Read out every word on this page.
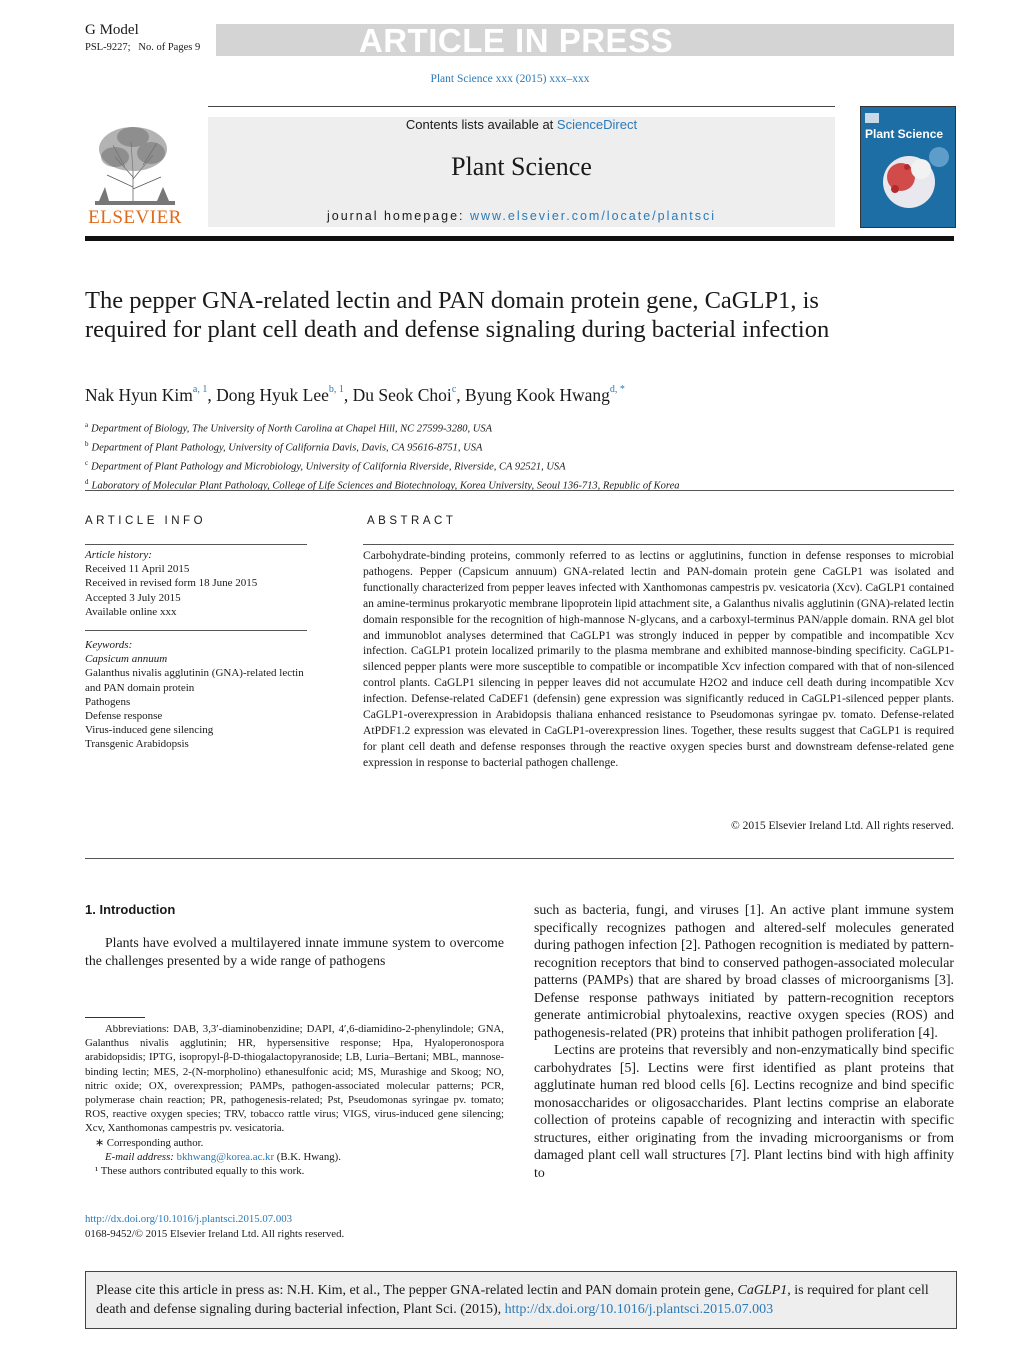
G Model
PSL-9227; No. of Pages 9	ARTICLE IN PRESS
Plant Science xxx (2015) xxx–xxx
ELSEVIER
Contents lists available at ScienceDirect
Plant Science
journal homepage: www.elsevier.com/locate/plantsci
Plant Science
The pepper GNA-related lectin and PAN domain protein gene, CaGLP1, is required for plant cell death and defense signaling during bacterial infection
Nak Hyun Kim$^{a, 1}$, Dong Hyuk Lee$^{b, 1}$, Du Seok Choi$^c$, Byung Kook Hwang$^{d, *}$
$^a$ Department of Biology, The University of North Carolina at Chapel Hill, NC 27599-3280, USA
$^b$ Department of Plant Pathology, University of California Davis, Davis, CA 95616-8751, USA
$^c$ Department of Plant Pathology and Microbiology, University of California Riverside, Riverside, CA 92521, USA
$^d$ Laboratory of Molecular Plant Pathology, College of Life Sciences and Biotechnology, Korea University, Seoul 136-713, Republic of Korea
ARTICLE INFO
Article history:
Received 11 April 2015
Received in revised form 18 June 2015
Accepted 3 July 2015
Available online xxx
Keywords:
Capsicum annuum
Galanthus nivalis agglutinin (GNA)-related lectin and PAN domain protein
Pathogens
Defense response
Virus-induced gene silencing
Transgenic Arabidopsis
ABSTRACT
Carbohydrate-binding proteins, commonly referred to as lectins or agglutinins, function in defense responses to microbial pathogens. Pepper (Capsicum annuum) GNA-related lectin and PAN-domain protein gene CaGLP1 was isolated and functionally characterized from pepper leaves infected with Xanthomonas campestris pv. vesicatoria (Xcv). CaGLP1 contained an amine-terminus prokaryotic membrane lipoprotein lipid attachment site, a Galanthus nivalis agglutinin (GNA)-related lectin domain responsible for the recognition of high-mannose N-glycans, and a carboxyl-terminus PAN/apple domain. RNA gel blot and immunoblot analyses determined that CaGLP1 was strongly induced in pepper by compatible and incompatible Xcv infection. CaGLP1 protein localized primarily to the plasma membrane and exhibited mannose-binding specificity. CaGLP1-silenced pepper plants were more susceptible to compatible or incompatible Xcv infection compared with that of non-silenced control plants. CaGLP1 silencing in pepper leaves did not accumulate H2O2 and induce cell death during incompatible Xcv infection. Defense-related CaDEF1 (defensin) gene expression was significantly reduced in CaGLP1-silenced pepper plants. CaGLP1-overexpression in Arabidopsis thaliana enhanced resistance to Pseudomonas syringae pv. tomato. Defense-related AtPDF1.2 expression was elevated in CaGLP1-overexpression lines. Together, these results suggest that CaGLP1 is required for plant cell death and defense responses through the reactive oxygen species burst and downstream defense-related gene expression in response to bacterial pathogen challenge.
© 2015 Elsevier Ireland Ltd. All rights reserved.
1. Introduction
Plants have evolved a multilayered innate immune system to overcome the challenges presented by a wide range of pathogens
Abbreviations: DAB, 3,3′-diaminobenzidine; DAPI, 4′,6-diamidino-2-phenylindole; GNA, Galanthus nivalis agglutinin; HR, hypersensitive response; Hpa, Hyaloperonospora arabidopsidis; IPTG, isopropyl-β-D-thiogalactopyranoside; LB, Luria–Bertani; MBL, mannose-binding lectin; MES, 2-(N-morpholino) ethanesulfonic acid; MS, Murashige and Skoog; NO, nitric oxide; OX, overexpression; PAMPs, pathogen-associated molecular patterns; PCR, polymerase chain reaction; PR, pathogenesis-related; Pst, Pseudomonas syringae pv. tomato; ROS, reactive oxygen species; TRV, tobacco rattle virus; VIGS, virus-induced gene silencing; Xcv, Xanthomonas campestris pv. vesicatoria.
∗ Corresponding author.
E-mail address: bkhwang@korea.ac.kr (B.K. Hwang).
¹ These authors contributed equally to this work.
http://dx.doi.org/10.1016/j.plantsci.2015.07.003
0168-9452/© 2015 Elsevier Ireland Ltd. All rights reserved.

such as bacteria, fungi, and viruses [1]. An active plant immune system specifically recognizes pathogen and altered-self molecules generated during pathogen infection [2]. Pathogen recognition is mediated by pattern-recognition receptors that bind to conserved pathogen-associated molecular patterns (PAMPs) that are shared by broad classes of microorganisms [3]. Defense response pathways initiated by pattern-recognition receptors generate antimicrobial phytoalexins, reactive oxygen species (ROS) and pathogenesis-related (PR) proteins that inhibit pathogen proliferation [4].

Lectins are proteins that reversibly and non-enzymatically bind specific carbohydrates [5]. Lectins were first identified as plant proteins that agglutinate human red blood cells [6]. Lectins recognize and bind specific monosaccharides or oligosaccharides. Plant lectins comprise an elaborate collection of proteins capable of recognizing and interactin with specific structures, either originating from the invading microorganisms or from damaged plant cell wall structures [7]. Plant lectins bind with high affinity to

Please cite this article in press as: N.H. Kim, et al., The pepper GNA-related lectin and PAN domain protein gene, CaGLP1, is required for plant cell death and defense signaling during bacterial infection, Plant Sci. (2015), http://dx.doi.org/10.1016/j.plantsci.2015.07.003
